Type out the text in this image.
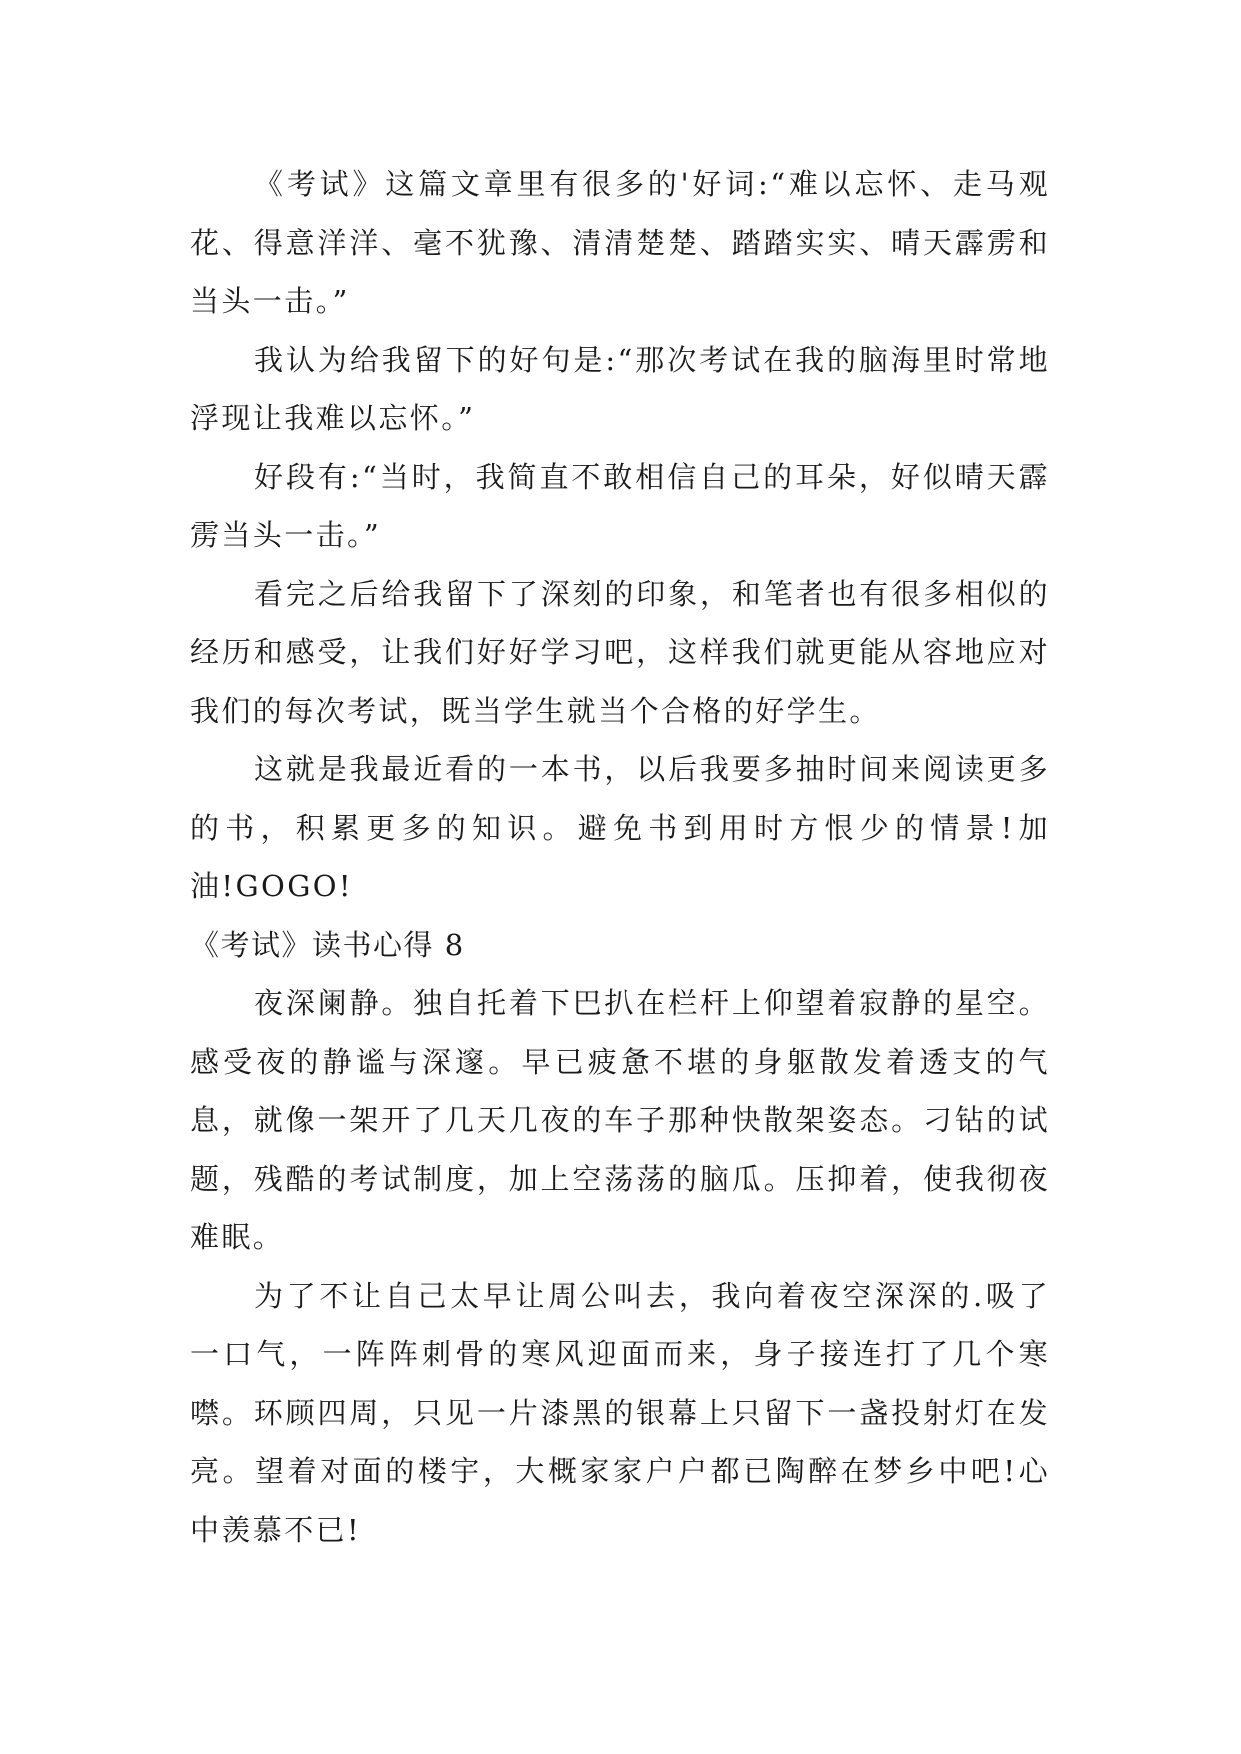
《考试》这篇文章里有很多的'好词:“难以忘怀、走马观花、得意洋洋、毫不犹豫、清清楚楚、踏踏实实、晴天霹雳和当头一击。”

我认为给我留下的好句是:“那次考试在我的脑海里时常地浮现让我难以忘怀。”

好段有:“当时，我简直不敢相信自己的耳朵，好似晴天霹雳当头一击。”

看完之后给我留下了深刻的印象，和笔者也有很多相似的经历和感受，让我们好好学习吧，这样我们就更能从容地应对我们的每次考试，既当学生就当个合格的好学生。

这就是我最近看的一本书，以后我要多抽时间来阅读更多的书，积累更多的知识。避免书到用时方恨少的情景!加油!GOGO!

《考试》读书心得 8

夜深阑静。独自托着下巴扒在栏杆上仰望着寂静的星空。感受夜的静谧与深邃。早已疲惫不堪的身躯散发着透支的气息，就像一架开了几天几夜的车子那种快散架姿态。刁钻的试题，残酷的考试制度，加上空荡荡的脑瓜。压抑着，使我彻夜难眠。

为了不让自己太早让周公叫去，我向着夜空深深的.吸了一口气，一阵阵刺骨的寒风迎面而来，身子接连打了几个寒噤。环顾四周，只见一片漆黑的银幕上只留下一盏投射灯在发亮。望着对面的楼宇，大概家家户户都已陶醉在梦乡中吧!心中羡慕不已!
